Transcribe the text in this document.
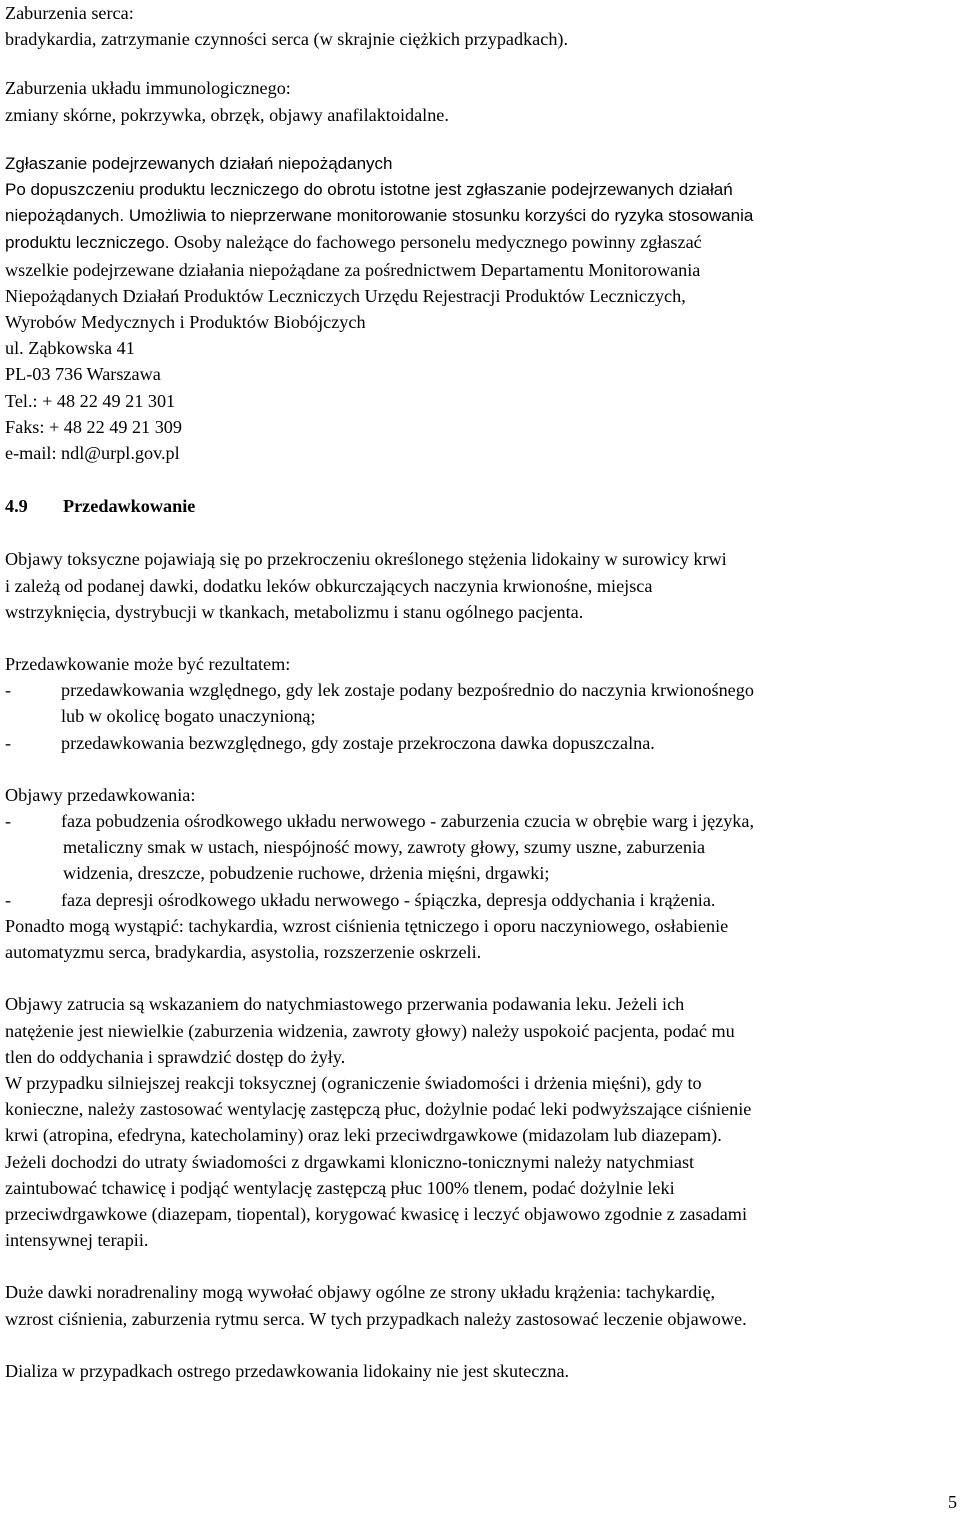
Zaburzenia serca:
bradykardia, zatrzymanie czynności serca (w skrajnie ciężkich przypadkach).
Zaburzenia układu immunologicznego:
zmiany skórne, pokrzywka, obrzęk, objawy anafilaktoidalne.
Zgłaszanie podejrzewanych działań niepożądanych
Po dopuszczeniu produktu leczniczego do obrotu istotne jest zgłaszanie podejrzewanych działań
niepożądanych. Umożliwia to nieprzerwane monitorowanie stosunku korzyści do ryzyka stosowania
produktu leczniczego. Osoby należące do fachowego personelu medycznego powinny zgłaszać
wszelkie podejrzewane działania niepożądane za pośrednictwem Departamentu Monitorowania
Niepożądanych Działań Produktów Leczniczych Urzędu Rejestracji Produktów Leczniczych,
Wyrobów Medycznych i Produktów Biobójczych
ul. Ząbkowska 41
PL-03 736 Warszawa
Tel.: + 48 22 49 21 301
Faks: + 48 22 49 21 309
e-mail: ndl@urpl.gov.pl
4.9 Przedawkowanie
Objawy toksyczne pojawiają się po przekroczeniu określonego stężenia lidokainy w surowicy krwi
i zależą od podanej dawki, dodatku leków obkurczających naczynia krwionośne, miejsca
wstrzyknięcia, dystrybucji w tkankach, metabolizmu i stanu ogólnego pacjenta.
Przedawkowanie może być rezultatem:
-	przedawkowania względnego, gdy lek zostaje podany bezpośrednio do naczynia krwionośnego
lub w okolicę bogato unaczynioną;
-	przedawkowania bezwzględnego, gdy zostaje przekroczona dawka dopuszczalna.
Objawy przedawkowania:
-	faza pobudzenia ośrodkowego układu nerwowego - zaburzenia czucia w obrębie warg i języka,
metaliczny smak w ustach, niespójność mowy, zawroty głowy, szumy uszne, zaburzenia
widzenia, dreszcze, pobudzenie ruchowe, drżenia mięśni, drgawki;
-	faza depresji ośrodkowego układu nerwowego - śpiączka, depresja oddychania i krążenia.
Ponadto mogą wystąpić: tachykardia, wzrost ciśnienia tętniczego i oporu naczyniowego, osłabienie
automatyzmu serca, bradykardia, asystolia, rozszerzenie oskrzeli.
Objawy zatrucia są wskazaniem do natychmiastowego przerwania podawania leku. Jeżeli ich
natężenie jest niewielkie (zaburzenia widzenia, zawroty głowy) należy uspokoić pacjenta, podać mu
tlen do oddychania i sprawdzić dostęp do żyły.
W przypadku silniejszej reakcji toksycznej (ograniczenie świadomości i drżenia mięśni), gdy to
konieczne, należy zastosować wentylację zastępczą płuc, dożylnie podać leki podwyższające ciśnienie
krwi (atropina, efedryna, katecholaminy) oraz leki przeciwdrgawkowe (midazolam lub diazepam).
Jeżeli dochodzi do utraty świadomości z drgawkami kloniczno-tonicznymi należy natychmiast
zaintubować tchawicę i podjąć wentylację zastępczą płuc 100% tlenem, podać dożylnie leki
przeciwdrgawkowe (diazepam, tiopental), korygować kwasicę i leczyć objawowo zgodnie z zasadami
intensywnej terapii.
Duże dawki noradrenaliny mogą wywołać objawy ogólne ze strony układu krążenia: tachykardię,
wzrost ciśnienia, zaburzenia rytmu serca. W tych przypadkach należy zastosować leczenie objawowe.
Dializa w przypadkach ostrego przedawkowania lidokainy nie jest skuteczna.
5
